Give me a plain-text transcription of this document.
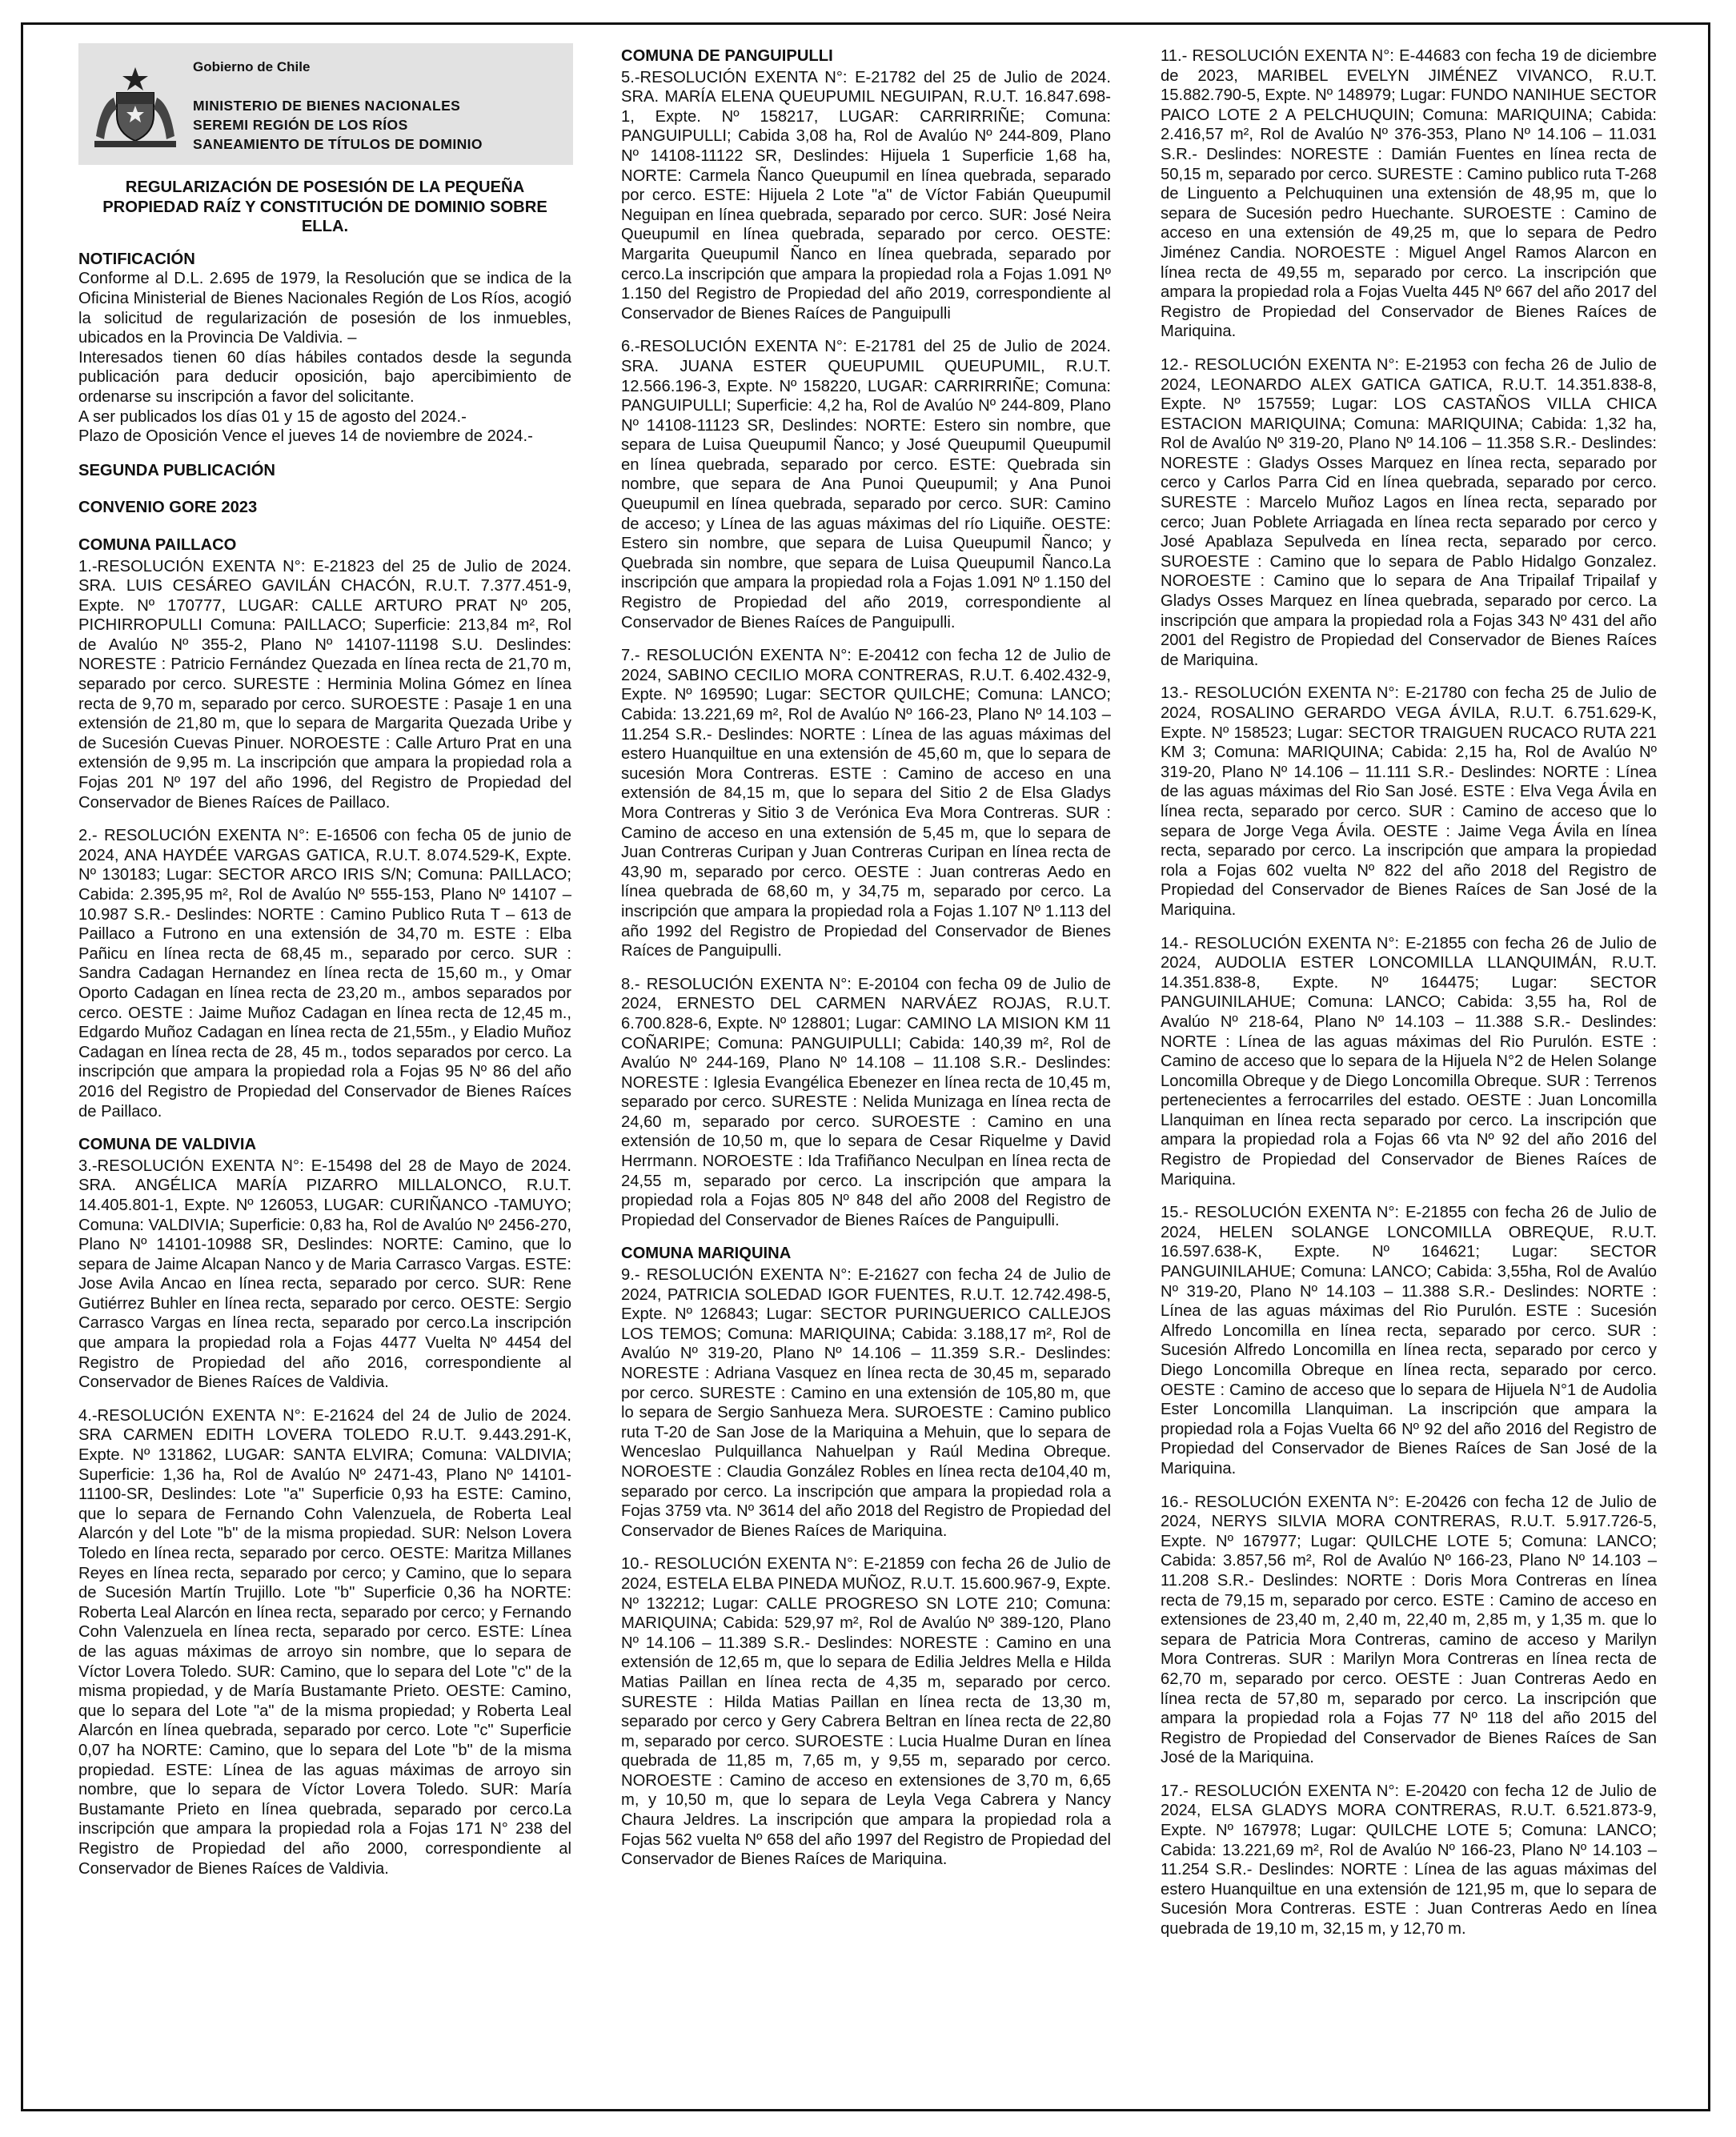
Gobierno de Chile
MINISTERIO DE BIENES NACIONALES
SEREMI REGIÓN DE LOS RÍOS
SANEAMIENTO DE TÍTULOS DE DOMINIO
REGULARIZACIÓN DE POSESIÓN DE LA PEQUEÑA
PROPIEDAD RAÍZ Y CONSTITUCIÓN DE DOMINIO SOBRE ELLA.
NOTIFICACIÓN

Conforme al D.L. 2.695 de 1979, la Resolución que se indica de la Oficina Ministerial de Bienes Nacionales Región de Los Ríos, acogió la solicitud de regularización de posesión de los inmuebles, ubicados en la Provincia De Valdivia. –

Interesados tienen 60 días hábiles contados desde la segunda publicación para deducir oposición, bajo apercibimiento de ordenarse su inscripción a favor del solicitante.

A ser publicados los días 01 y 15 de agosto del 2024.-

Plazo de Oposición Vence el jueves 14 de noviembre de 2024.-

SEGUNDA PUBLICACIÓN
CONVENIO GORE 2023
COMUNA PAILLACO

1.-RESOLUCIÓN EXENTA N°: E-21823 del 25 de Julio de 2024. SRA. LUIS CESÁREO GAVILÁN CHACÓN, R.U.T. 7.377.451-9, Expte. Nº 170777, LUGAR: CALLE ARTURO PRAT Nº 205, PICHIRROPULLI Comuna: PAILLACO; Superficie: 213,84 m², Rol de Avalúo Nº 355-2, Plano Nº 14107-11198 S.U. Deslindes: NORESTE : Patricio Fernández Quezada en línea recta de 21,70 m, separado por cerco. SURESTE : Herminia Molina Gómez en línea recta de 9,70 m, separado por cerco. SUROESTE : Pasaje 1 en una extensión de 21,80 m, que lo separa de Margarita Quezada Uribe y de Sucesión Cuevas Pinuer. NOROESTE : Calle Arturo Prat en una extensión de 9,95 m. La inscripción que ampara la propiedad rola a Fojas 201 Nº 197 del año 1996, del Registro de Propiedad del Conservador de Bienes Raíces de Paillaco.

2.- RESOLUCIÓN EXENTA N°: E-16506 con fecha 05 de junio de 2024, ANA HAYDÉE VARGAS GATICA, R.U.T. 8.074.529-K, Expte. Nº 130183; Lugar: SECTOR ARCO IRIS S/N; Comuna: PAILLACO; Cabida: 2.395,95 m², Rol de Avalúo Nº 555-153, Plano Nº 14107 – 10.987 S.R.- Deslindes: NORTE : Camino Publico Ruta T – 613 de Paillaco a Futrono en una extensión de 34,70 m. ESTE : Elba Pañicu en línea recta de 68,45 m., separado por cerco. SUR : Sandra Cadagan Hernandez en línea recta de 15,60 m., y Omar Oporto Cadagan en línea recta de 23,20 m., ambos separados por cerco. OESTE : Jaime Muñoz Cadagan en línea recta de 12,45 m., Edgardo Muñoz Cadagan en línea recta de 21,55m., y Eladio Muñoz Cadagan en línea recta de 28, 45 m., todos separados por cerco. La inscripción que ampara la propiedad rola a Fojas 95 Nº 86 del año 2016 del Registro de Propiedad del Conservador de Bienes Raíces de Paillaco.

COMUNA DE VALDIVIA

3.-RESOLUCIÓN EXENTA N°: E-15498 del 28 de Mayo de 2024. SRA. ANGÉLICA MARÍA PIZARRO MILLALONCO, R.U.T. 14.405.801-1, Expte. Nº 126053, LUGAR: CURIÑANCO -TAMUYO; Comuna: VALDIVIA; Superficie: 0,83 ha, Rol de Avalúo Nº 2456-270, Plano Nº 14101-10988 SR, Deslindes: NORTE: Camino, que lo separa de Jaime Alcapan Nanco y de Maria Carrasco Vargas. ESTE: Jose Avila Ancao en línea recta, separado por cerco. SUR: Rene Gutiérrez Buhler en línea recta, separado por cerco. OESTE: Sergio Carrasco Vargas en línea recta, separado por cerco.La inscripción que ampara la propiedad rola a Fojas 4477 Vuelta Nº 4454 del Registro de Propiedad del año 2016, correspondiente al Conservador de Bienes Raíces de Valdivia.

4.-RESOLUCIÓN EXENTA N°: E-21624 del 24 de Julio de 2024. SRA CARMEN EDITH LOVERA TOLEDO R.U.T. 9.443.291-K, Expte. Nº 131862, LUGAR: SANTA ELVIRA; Comuna: VALDIVIA; Superficie: 1,36 ha, Rol de Avalúo Nº 2471-43, Plano Nº 14101-11100-SR, Deslindes: Lote "a" Superficie 0,93 ha ESTE: Camino, que lo separa de Fernando Cohn Valenzuela, de Roberta Leal Alarcón y del Lote "b" de la misma propiedad. SUR: Nelson Lovera Toledo en línea recta, separado por cerco. OESTE: Maritza Millanes Reyes en línea recta, separado por cerco; y Camino, que lo separa de Sucesión Martín Trujillo. Lote "b" Superficie 0,36 ha NORTE: Roberta Leal Alarcón en línea recta, separado por cerco; y Fernando Cohn Valenzuela en línea recta, separado por cerco. ESTE: Línea de las aguas máximas de arroyo sin nombre, que lo separa de Víctor Lovera Toledo. SUR: Camino, que lo separa del Lote "c" de la misma propiedad, y de María Bustamante Prieto. OESTE: Camino, que lo separa del Lote "a" de la misma propiedad; y Roberta Leal Alarcón en línea quebrada, separado por cerco. Lote "c" Superficie 0,07 ha NORTE: Camino, que lo separa del Lote "b" de la misma propiedad. ESTE: Línea de las aguas máximas de arroyo sin nombre, que lo separa de Víctor Lovera Toledo. SUR: María Bustamante Prieto en línea quebrada, separado por cerco.La inscripción que ampara la propiedad rola a Fojas 171 N° 238 del Registro de Propiedad del año 2000, correspondiente al Conservador de Bienes Raíces de Valdivia.

COMUNA DE PANGUIPULLI

5.-RESOLUCIÓN EXENTA N°: E-21782 del 25 de Julio de 2024. SRA. MARÍA ELENA QUEUPUMIL NEGUIPAN, R.U.T. 16.847.698-1, Expte. Nº 158217, LUGAR: CARRIRRIÑE; Comuna: PANGUIPULLI; Cabida 3,08 ha, Rol de Avalúo Nº 244-809, Plano Nº 14108-11122 SR, Deslindes: Hijuela 1 Superficie 1,68 ha, NORTE: Carmela Ñanco Queupumil en línea quebrada, separado por cerco. ESTE: Hijuela 2 Lote "a" de Víctor Fabián Queupumil Neguipan en línea quebrada, separado por cerco. SUR: José Neira Queupumil en línea quebrada, separado por cerco. OESTE: Margarita Queupumil Ñanco en línea quebrada, separado por cerco.La inscripción que ampara la propiedad rola a Fojas 1.091 Nº 1.150 del Registro de Propiedad del año 2019, correspondiente al Conservador de Bienes Raíces de Panguipulli

6.-RESOLUCIÓN EXENTA N°: E-21781 del 25 de Julio de 2024. SRA. JUANA ESTER QUEUPUMIL QUEUPUMIL, R.U.T. 12.566.196-3, Expte. Nº 158220, LUGAR: CARRIRRIÑE; Comuna: PANGUIPULLI; Superficie: 4,2 ha, Rol de Avalúo Nº 244-809, Plano Nº 14108-11123 SR, Deslindes: NORTE: Estero sin nombre, que separa de Luisa Queupumil Ñanco; y José Queupumil Queupumil en línea quebrada, separado por cerco. ESTE: Quebrada sin nombre, que separa de Ana Punoi Queupumil; y Ana Punoi Queupumil en línea quebrada, separado por cerco. SUR: Camino de acceso; y Línea de las aguas máximas del río Liquiñe. OESTE: Estero sin nombre, que separa de Luisa Queupumil Ñanco; y Quebrada sin nombre, que separa de Luisa Queupumil Ñanco.La inscripción que ampara la propiedad rola a Fojas 1.091 Nº 1.150 del Registro de Propiedad del año 2019, correspondiente al Conservador de Bienes Raíces de Panguipulli.

7.- RESOLUCIÓN EXENTA N°: E-20412 con fecha 12 de Julio de 2024, SABINO CECILIO MORA CONTRERAS, R.U.T. 6.402.432-9, Expte. Nº 169590; Lugar: SECTOR QUILCHE; Comuna: LANCO; Cabida: 13.221,69 m², Rol de Avalúo Nº 166-23, Plano Nº 14.103 – 11.254 S.R.- Deslindes: NORTE : Línea de las aguas máximas del estero Huanquiltue en una extensión de 45,60 m, que lo separa de sucesión Mora Contreras. ESTE : Camino de acceso en una extensión de 84,15 m, que lo separa del Sitio 2 de Elsa Gladys Mora Contreras y Sitio 3 de Verónica Eva Mora Contreras. SUR : Camino de acceso en una extensión de 5,45 m, que lo separa de Juan Contreras Curipan y Juan Contreras Curipan en línea recta de 43,90 m, separado por cerco. OESTE : Juan contreras Aedo en línea quebrada de 68,60 m, y 34,75 m, separado por cerco. La inscripción que ampara la propiedad rola a Fojas 1.107 Nº 1.113 del año 1992 del Registro de Propiedad del Conservador de Bienes Raíces de Panguipulli.

8.- RESOLUCIÓN EXENTA N°: E-20104 con fecha 09 de Julio de 2024, ERNESTO DEL CARMEN NARVÁEZ ROJAS, R.U.T. 6.700.828-6, Expte. Nº 128801; Lugar: CAMINO LA MISION KM 11 COÑARIPE; Comuna: PANGUIPULLI; Cabida: 140,39 m², Rol de Avalúo Nº 244-169, Plano Nº 14.108 – 11.108 S.R.- Deslindes: NORESTE : Iglesia Evangélica Ebenezer en línea recta de 10,45 m, separado por cerco. SURESTE : Nelida Munizaga en línea recta de 24,60 m, separado por cerco. SUROESTE : Camino en una extensión de 10,50 m, que lo separa de Cesar Riquelme y David Herrmann. NOROESTE : Ida Trafiñanco Neculpan en línea recta de 24,55 m, separado por cerco. La inscripción que ampara la propiedad rola a Fojas 805 Nº 848 del año 2008 del Registro de Propiedad del Conservador de Bienes Raíces de Panguipulli.

COMUNA MARIQUINA

9.- RESOLUCIÓN EXENTA N°: E-21627 con fecha 24 de Julio de 2024, PATRICIA SOLEDAD IGOR FUENTES, R.U.T. 12.742.498-5, Expte. Nº 126843; Lugar: SECTOR PURINGUERICO CALLEJOS LOS TEMOS; Comuna: MARIQUINA; Cabida: 3.188,17 m², Rol de Avalúo Nº 319-20, Plano Nº 14.106 – 11.359 S.R.- Deslindes: NORESTE : Adriana Vasquez en línea recta de 30,45 m, separado por cerco. SURESTE : Camino en una extensión de 105,80 m, que lo separa de Sergio Sanhueza Mera. SUROESTE : Camino publico ruta T-20 de San Jose de la Mariquina a Mehuin, que lo separa de Wenceslao Pulquillanca Nahuelpan y Raúl Medina Obreque. NOROESTE : Claudia González Robles en línea recta de104,40 m, separado por cerco. La inscripción que ampara la propiedad rola a Fojas 3759 vta. Nº 3614 del año 2018 del Registro de Propiedad del Conservador de Bienes Raíces de Mariquina.

10.- RESOLUCIÓN EXENTA N°: E-21859 con fecha 26 de Julio de 2024, ESTELA ELBA PINEDA MUÑOZ, R.U.T. 15.600.967-9, Expte. Nº 132212; Lugar: CALLE PROGRESO SN LOTE 210; Comuna: MARIQUINA; Cabida: 529,97 m², Rol de Avalúo Nº 389-120, Plano Nº 14.106 – 11.389 S.R.- Deslindes: NORESTE : Camino en una extensión de 12,65 m, que lo separa de Edilia Jeldres Mella e Hilda Matias Paillan en línea recta de 4,35 m, separado por cerco. SURESTE : Hilda Matias Paillan en línea recta de 13,30 m, separado por cerco y Gery Cabrera Beltran en línea recta de 22,80 m, separado por cerco. SUROESTE : Lucia Hualme Duran en línea quebrada de 11,85 m, 7,65 m, y 9,55 m, separado por cerco. NOROESTE : Camino de acceso en extensiones de 3,70 m, 6,65 m, y 10,50 m, que lo separa de Leyla Vega Cabrera y Nancy Chaura Jeldres. La inscripción que ampara la propiedad rola a Fojas 562 vuelta Nº 658 del año 1997 del Registro de Propiedad del Conservador de Bienes Raíces de Mariquina.

11.- RESOLUCIÓN EXENTA N°: E-44683 con fecha 19 de diciembre de 2023, MARIBEL EVELYN JIMÉNEZ VIVANCO, R.U.T. 15.882.790-5, Expte. Nº 148979; Lugar: FUNDO NANIHUE SECTOR PAICO LOTE 2 A PELCHUQUIN; Comuna: MARIQUINA; Cabida: 2.416,57 m², Rol de Avalúo Nº 376-353, Plano Nº 14.106 – 11.031 S.R.- Deslindes: NORESTE : Damián Fuentes en línea recta de 50,15 m, separado por cerco. SURESTE : Camino publico ruta T-268 de Linguento a Pelchuquinen una extensión de 48,95 m, que lo separa de Sucesión pedro Huechante. SUROESTE : Camino de acceso en una extensión de 49,25 m, que lo separa de Pedro Jiménez Candia. NOROESTE : Miguel Angel Ramos Alarcon en línea recta de 49,55 m, separado por cerco. La inscripción que ampara la propiedad rola a Fojas Vuelta 445 Nº 667 del año 2017 del Registro de Propiedad del Conservador de Bienes Raíces de Mariquina.

12.- RESOLUCIÓN EXENTA N°: E-21953 con fecha 26 de Julio de 2024, LEONARDO ALEX GATICA GATICA, R.U.T. 14.351.838-8, Expte. Nº 157559; Lugar: LOS CASTAÑOS VILLA CHICA ESTACION MARIQUINA; Comuna: MARIQUINA; Cabida: 1,32 ha, Rol de Avalúo Nº 319-20, Plano Nº 14.106 – 11.358 S.R.- Deslindes: NORESTE : Gladys Osses Marquez en línea recta, separado por cerco y Carlos Parra Cid en línea quebrada, separado por cerco. SURESTE : Marcelo Muñoz Lagos en línea recta, separado por cerco; Juan Poblete Arriagada en línea recta separado por cerco y José Apablaza Sepulveda en línea recta, separado por cerco. SUROESTE : Camino que lo separa de Pablo Hidalgo Gonzalez. NOROESTE : Camino que lo separa de Ana Tripailaf Tripailaf y Gladys Osses Marquez en línea quebrada, separado por cerco. La inscripción que ampara la propiedad rola a Fojas 343 Nº 431 del año 2001 del Registro de Propiedad del Conservador de Bienes Raíces de Mariquina.

13.- RESOLUCIÓN EXENTA N°: E-21780 con fecha 25 de Julio de 2024, ROSALINO GERARDO VEGA ÁVILA, R.U.T. 6.751.629-K, Expte. Nº 158523; Lugar: SECTOR TRAIGUEN RUCACO RUTA 221 KM 3; Comuna: MARIQUINA; Cabida: 2,15 ha, Rol de Avalúo Nº 319-20, Plano Nº 14.106 – 11.111 S.R.- Deslindes: NORTE : Línea de las aguas máximas del Rio San José. ESTE : Elva Vega Ávila en línea recta, separado por cerco. SUR : Camino de acceso que lo separa de Jorge Vega Ávila. OESTE : Jaime Vega Ávila en línea recta, separado por cerco. La inscripción que ampara la propiedad rola a Fojas 602 vuelta Nº 822 del año 2018 del Registro de Propiedad del Conservador de Bienes Raíces de San José de la Mariquina.

14.- RESOLUCIÓN EXENTA N°: E-21855 con fecha 26 de Julio de 2024, AUDOLIA ESTER LONCOMILLA LLANQUIMÁN, R.U.T. 14.351.838-8, Expte. Nº 164475; Lugar: SECTOR PANGUINILAHUE; Comuna: LANCO; Cabida: 3,55 ha, Rol de Avalúo Nº 218-64, Plano Nº 14.103 – 11.388 S.R.- Deslindes: NORTE : Línea de las aguas máximas del Rio Purulón. ESTE : Camino de acceso que lo separa de la Hijuela N°2 de Helen Solange Loncomilla Obreque y de Diego Loncomilla Obreque. SUR : Terrenos pertenecientes a ferrocarriles del estado. OESTE : Juan Loncomilla Llanquiman en línea recta separado por cerco. La inscripción que ampara la propiedad rola a Fojas 66 vta Nº 92 del año 2016 del Registro de Propiedad del Conservador de Bienes Raíces de Mariquina.

15.- RESOLUCIÓN EXENTA N°: E-21855 con fecha 26 de Julio de 2024, HELEN SOLANGE LONCOMILLA OBREQUE, R.U.T. 16.597.638-K, Expte. Nº 164621; Lugar: SECTOR PANGUINILAHUE; Comuna: LANCO; Cabida: 3,55ha, Rol de Avalúo Nº 319-20, Plano Nº 14.103 – 11.388 S.R.- Deslindes: NORTE : Línea de las aguas máximas del Rio Purulón. ESTE : Sucesión Alfredo Loncomilla en línea recta, separado por cerco. SUR : Sucesión Alfredo Loncomilla en línea recta, separado por cerco y Diego Loncomilla Obreque en línea recta, separado por cerco. OESTE : Camino de acceso que lo separa de Hijuela N°1 de Audolia Ester Loncomilla Llanquiman. La inscripción que ampara la propiedad rola a Fojas Vuelta 66 Nº 92 del año 2016 del Registro de Propiedad del Conservador de Bienes Raíces de San José de la Mariquina.

16.- RESOLUCIÓN EXENTA N°: E-20426 con fecha 12 de Julio de 2024, NERYS SILVIA MORA CONTRERAS, R.U.T. 5.917.726-5, Expte. Nº 167977; Lugar: QUILCHE LOTE 5; Comuna: LANCO; Cabida: 3.857,56 m², Rol de Avalúo Nº 166-23, Plano Nº 14.103 – 11.208 S.R.- Deslindes: NORTE : Doris Mora Contreras en línea recta de 79,15 m, separado por cerco. ESTE : Camino de acceso en extensiones de 23,40 m, 2,40 m, 22,40 m, 2,85 m, y 1,35 m. que lo separa de Patricia Mora Contreras, camino de acceso y Marilyn Mora Contreras. SUR : Marilyn Mora Contreras en línea recta de 62,70 m, separado por cerco. OESTE : Juan Contreras Aedo en línea recta de 57,80 m, separado por cerco. La inscripción que ampara la propiedad rola a Fojas 77 Nº 118 del año 2015 del Registro de Propiedad del Conservador de Bienes Raíces de San José de la Mariquina.

17.- RESOLUCIÓN EXENTA N°: E-20420 con fecha 12 de Julio de 2024, ELSA GLADYS MORA CONTRERAS, R.U.T. 6.521.873-9, Expte. Nº 167978; Lugar: QUILCHE LOTE 5; Comuna: LANCO; Cabida: 13.221,69 m², Rol de Avalúo Nº 166-23, Plano Nº 14.103 – 11.254 S.R.- Deslindes: NORTE : Línea de las aguas máximas del estero Huanquiltue en una extensión de 121,95 m, que lo separa de Sucesión Mora Contreras. ESTE : Juan Contreras Aedo en línea quebrada de 19,10 m, 32,15 m, y 12,70 m.
